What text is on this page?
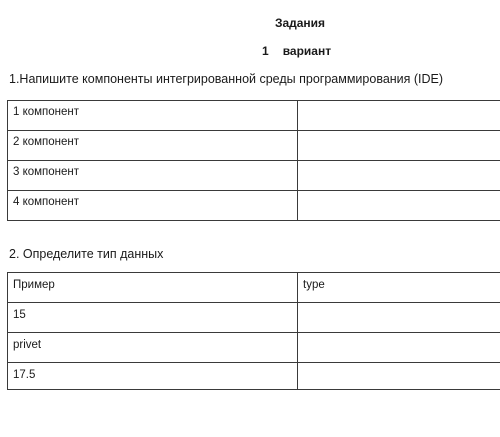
Задания
1 вариант
1.Напишите компоненты интегрированной среды программирования (IDE)
1 компонент	
2 компонент	
3 компонент	
4 компонент	
2. Определите тип данных
Пример	type
15	
privet	
17.5	
